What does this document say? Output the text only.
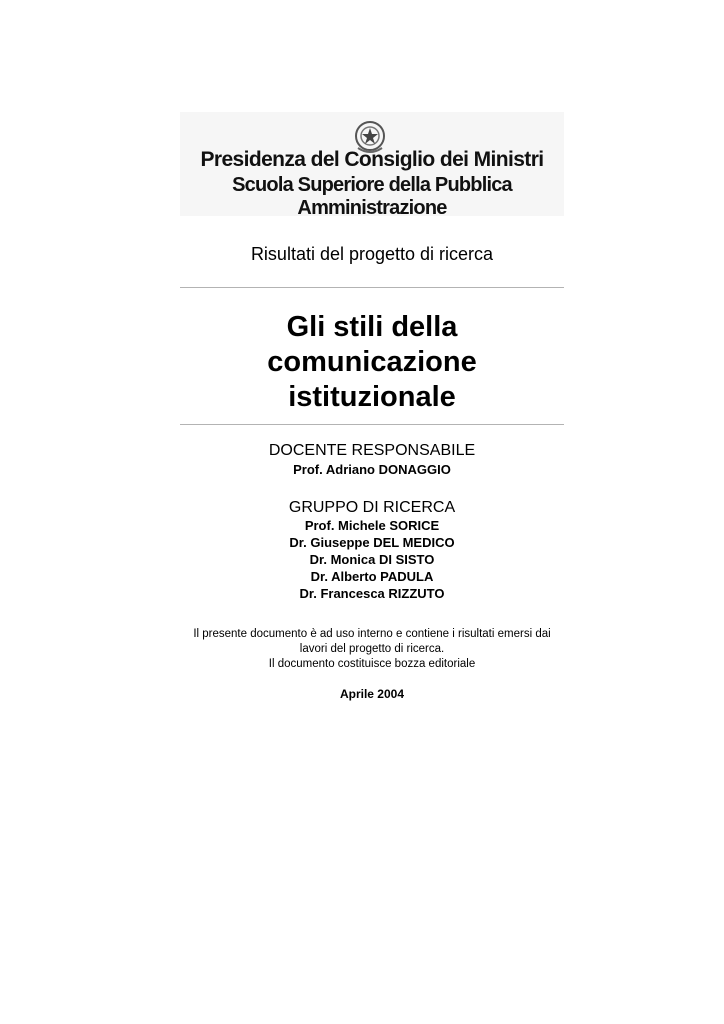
Presidenza del Consiglio dei Ministri
Scuola Superiore della Pubblica Amministrazione
Risultati del progetto di ricerca
Gli stili della
comunicazione
istituzionale
DOCENTE RESPONSABILE
Prof. Adriano DONAGGIO
GRUPPO DI RICERCA
Prof. Michele SORICE
Dr. Giuseppe DEL MEDICO
Dr. Monica DI SISTO
Dr. Alberto PADULA
Dr. Francesca RIZZUTO
Il presente documento è ad uso interno e contiene i risultati emersi dai
lavori del progetto di ricerca.
Il documento costituisce bozza editoriale
Aprile 2004
